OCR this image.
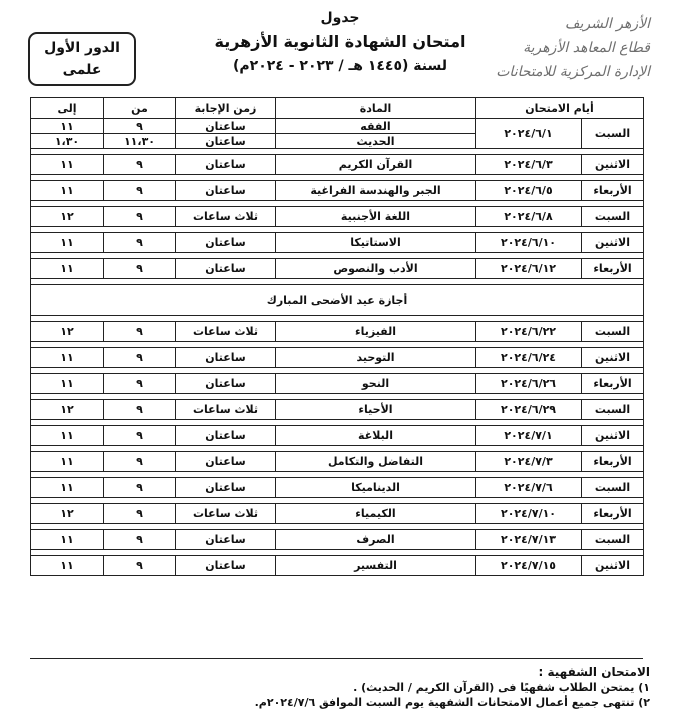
جدول
امتحان الشهادة الثانوية الأزهرية
لسنة (١٤٤٥ هـ / ٢٠٢٣ - ٢٠٢٤م)
الأزهر الشريف
قطاع المعاهد الأزهرية
الإدارة المركزية للامتحانات
الدور الأول
علمى
أيام الامتحان		المادة	زمن الإجابة	من	إلى
السبت	٢٠٢٤/٦/١	الفقه	ساعتان	٩	١١
		الحديث	ساعتان	١١،٣٠	١،٣٠

الاثنين	٢٠٢٤/٦/٣	القرآن الكريم	ساعتان	٩	١١

الأربعاء	٢٠٢٤/٦/٥	الجبر والهندسة الفراغية	ساعتان	٩	١١

السبت	٢٠٢٤/٦/٨	اللغة الأجنبية	ثلاث ساعات	٩	١٢

الاثنين	٢٠٢٤/٦/١٠	الاستاتيكا	ساعتان	٩	١١

الأربعاء	٢٠٢٤/٦/١٢	الأدب والنصوص	ساعتان	٩	١١

أجازة عيد الأضحى المبارك					

السبت	٢٠٢٤/٦/٢٢	الفيزياء	ثلاث ساعات	٩	١٢

الاثنين	٢٠٢٤/٦/٢٤	التوحيد	ساعتان	٩	١١

الأربعاء	٢٠٢٤/٦/٢٦	النحو	ساعتان	٩	١١

السبت	٢٠٢٤/٦/٢٩	الأحياء	ثلاث ساعات	٩	١٢

الاثنين	٢٠٢٤/٧/١	البلاغة	ساعتان	٩	١١

الأربعاء	٢٠٢٤/٧/٣	التفاضل والتكامل	ساعتان	٩	١١

السبت	٢٠٢٤/٧/٦	الديناميكا	ساعتان	٩	١١

الأربعاء	٢٠٢٤/٧/١٠	الكيمياء	ثلاث ساعات	٩	١٢

السبت	٢٠٢٤/٧/١٣	الصرف	ساعتان	٩	١١

الاثنين	٢٠٢٤/٧/١٥	التفسير	ساعتان	٩	١١
الامتحان الشفهية :
١) يمتحن الطلاب شفهيًا فى (القرآن الكريم / الحديث) .
٢) تنتهى جميع أعمال الامتحانات الشفهية يوم السبت الموافق ٢٠٢٤/٧/٦م.
